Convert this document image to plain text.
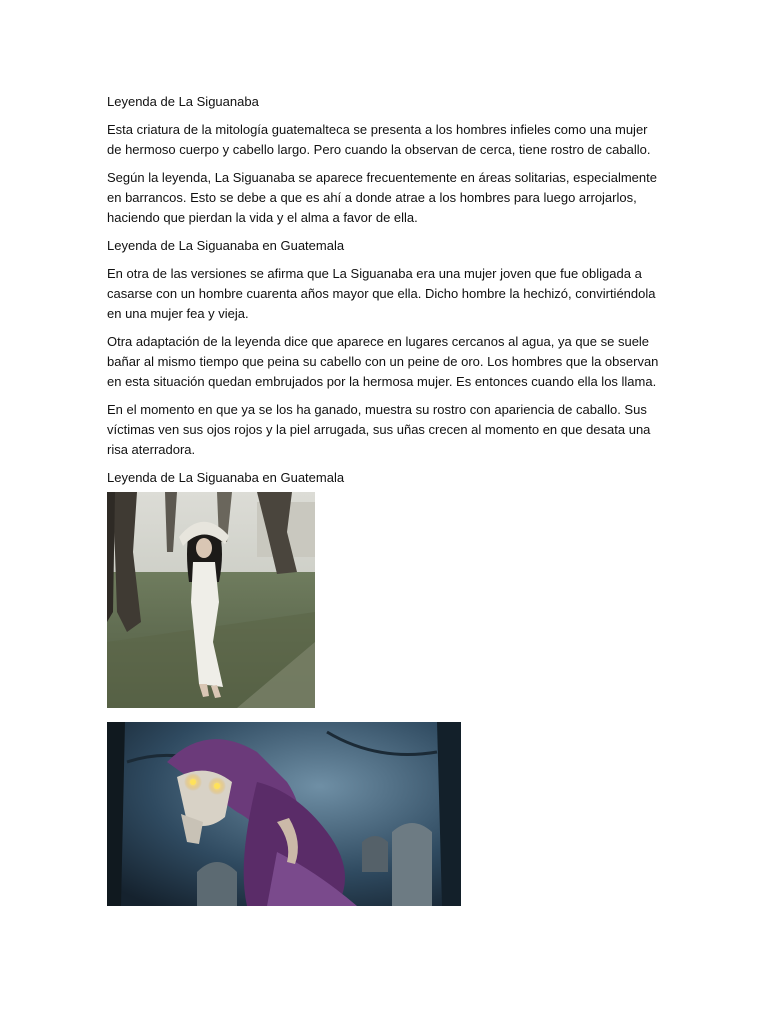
Leyenda de La Siguanaba

Esta criatura de la mitología guatemalteca se presenta a los hombres infieles como una mujer de hermoso cuerpo y cabello largo. Pero cuando la observan de cerca, tiene rostro de caballo.

Según la leyenda, La Siguanaba se aparece frecuentemente en áreas solitarias, especialmente en barrancos. Esto se debe a que es ahí a donde atrae a los hombres para luego arrojarlos, haciendo que pierdan la vida y el alma a favor de ella.

Leyenda de La Siguanaba en Guatemala

En otra de las versiones se afirma que La Siguanaba era una mujer joven que fue obligada a casarse con un hombre cuarenta años mayor que ella. Dicho hombre la hechizó, convirtiéndola en una mujer fea y vieja.

Otra adaptación de la leyenda dice que aparece en lugares cercanos al agua, ya que se suele bañar al mismo tiempo que peina su cabello con un peine de oro. Los hombres que la observan en esta situación quedan embrujados por la hermosa mujer. Es entonces cuando ella los llama.

En el momento en que ya se los ha ganado, muestra su rostro con apariencia de caballo. Sus víctimas ven sus ojos rojos y la piel arrugada, sus uñas crecen al momento en que desata una risa aterradora.

Leyenda de La Siguanaba en Guatemala
